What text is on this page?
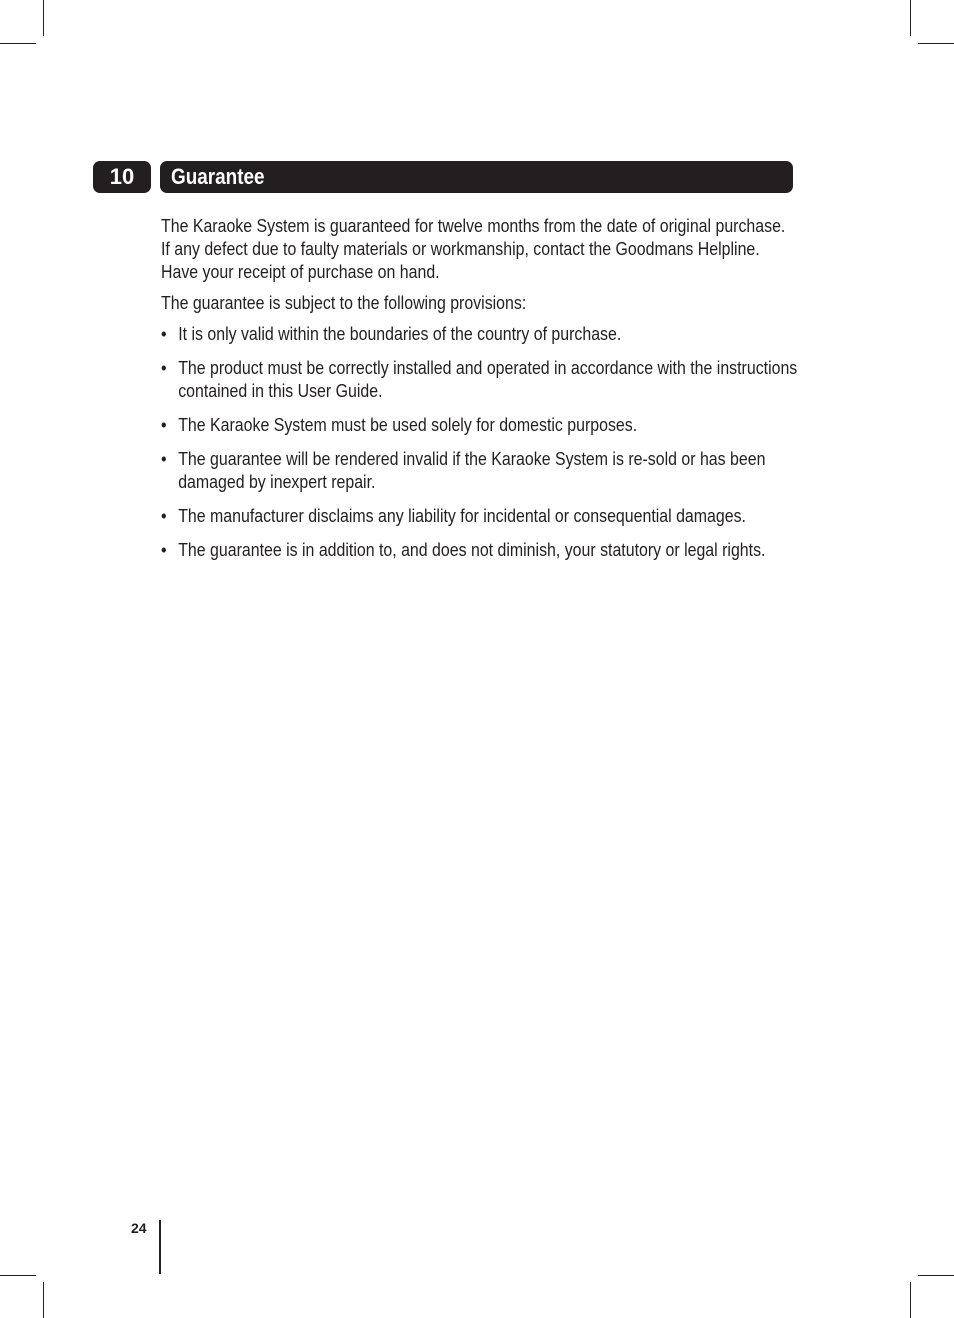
10	Guarantee

The Karaoke System is guaranteed for twelve months from the date of original purchase. If any defect due to faulty materials or workmanship, contact the Goodmans Helpline. Have your receipt of purchase on hand.

The guarantee is subject to the following provisions:

• It is only valid within the boundaries of the country of purchase.
• The product must be correctly installed and operated in accordance with the instructions contained in this User Guide.
• The Karaoke System must be used solely for domestic purposes.
• The guarantee will be rendered invalid if the Karaoke System is re-sold or has been damaged by inexpert repair.
• The manufacturer disclaims any liability for incidental or consequential damages.
• The guarantee is in addition to, and does not diminish, your statutory or legal rights.
24
